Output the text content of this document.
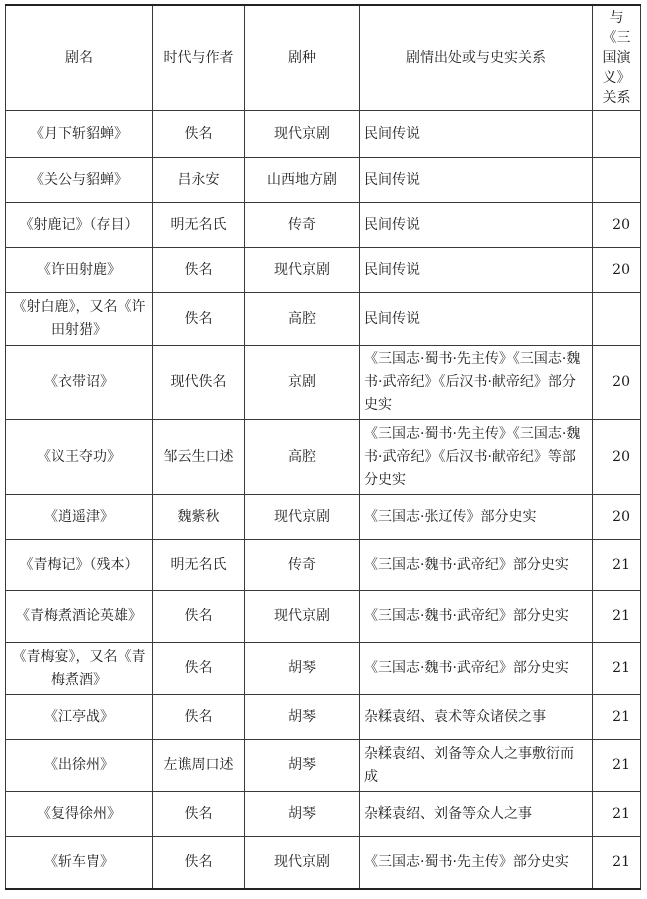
剧名	时代与作者	剧种	剧情出处或与史实关系	与《三国演义》关系
《月下斩貂蝉》	佚名	现代京剧	民间传说	
《关公与貂蝉》	吕永安	山西地方剧	民间传说	
《射鹿记》（存目）	明无名氏	传奇	民间传说	20
《许田射鹿》	佚名	现代京剧	民间传说	20
《射白鹿》，又名《许田射猎》	佚名	高腔	民间传说	
《衣带诏》	现代佚名	京剧	《三国志·蜀书·先主传》《三国志·魏书·武帝纪》《后汉书·献帝纪》部分史实	20
《议王夺功》	邹云生口述	高腔	《三国志·蜀书·先主传》《三国志·魏书·武帝纪》《后汉书·献帝纪》等部分史实	20
《逍遥津》	魏紫秋	现代京剧	《三国志·张辽传》部分史实	20
《青梅记》（残本）	明无名氏	传奇	《三国志·魏书·武帝纪》部分史实	21
《青梅煮酒论英雄》	佚名	现代京剧	《三国志·魏书·武帝纪》部分史实	21
《青梅宴》，又名《青梅煮酒》	佚名	胡琴	《三国志·魏书·武帝纪》部分史实	21
《江亭战》	佚名	胡琴	杂糅袁绍、袁术等众诸侯之事	21
《出徐州》	左谯周口述	胡琴	杂糅袁绍、刘备等众人之事敷衍而成	21
《复得徐州》	佚名	胡琴	杂糅袁绍、刘备等众人之事	21
《斩车胄》	佚名	现代京剧	《三国志·蜀书·先主传》部分史实	21
